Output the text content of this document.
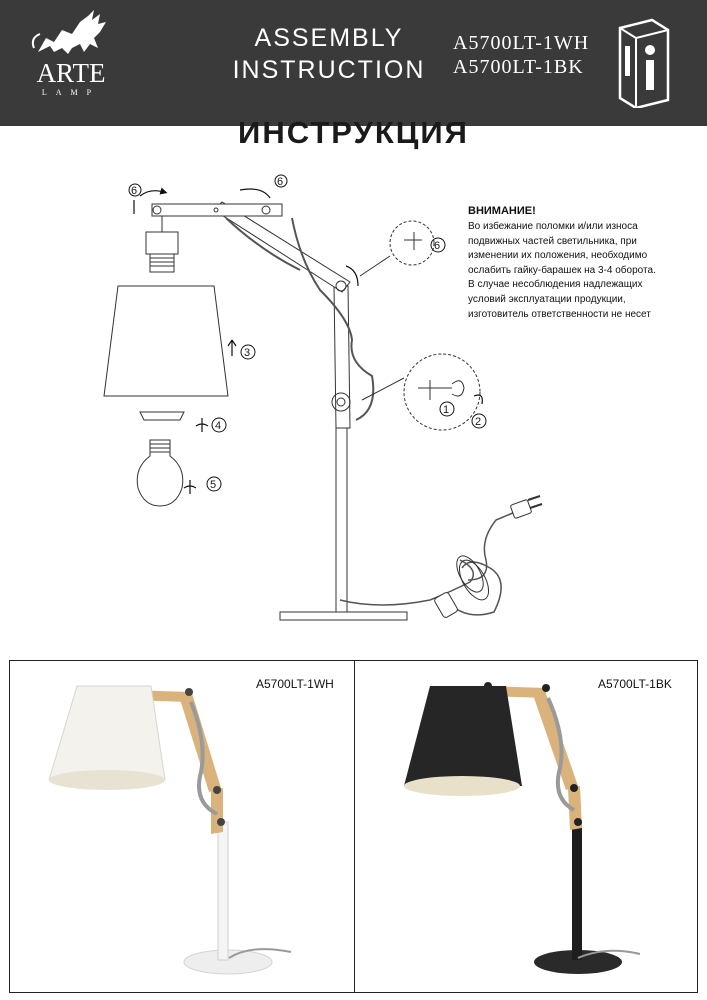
ARTE
LAMP
ASSEMBLY
INSTRUCTION
A5700LT-1WH
A5700LT-1BK
ИНСТРУКЦИЯ
6
6
6
3
4
5
1
2
ВНИМАНИЕ!
Во избежание поломки и/или износа
подвижных частей светильника, при
изменении их положения, необходимо
ослабить гайку-барашек на 3-4 оборота.
В случае несоблюдения надлежащих
условий эксплуатации продукции,
изготовитель ответственности не несет
A5700LT-1WH	A5700LT-1BK
